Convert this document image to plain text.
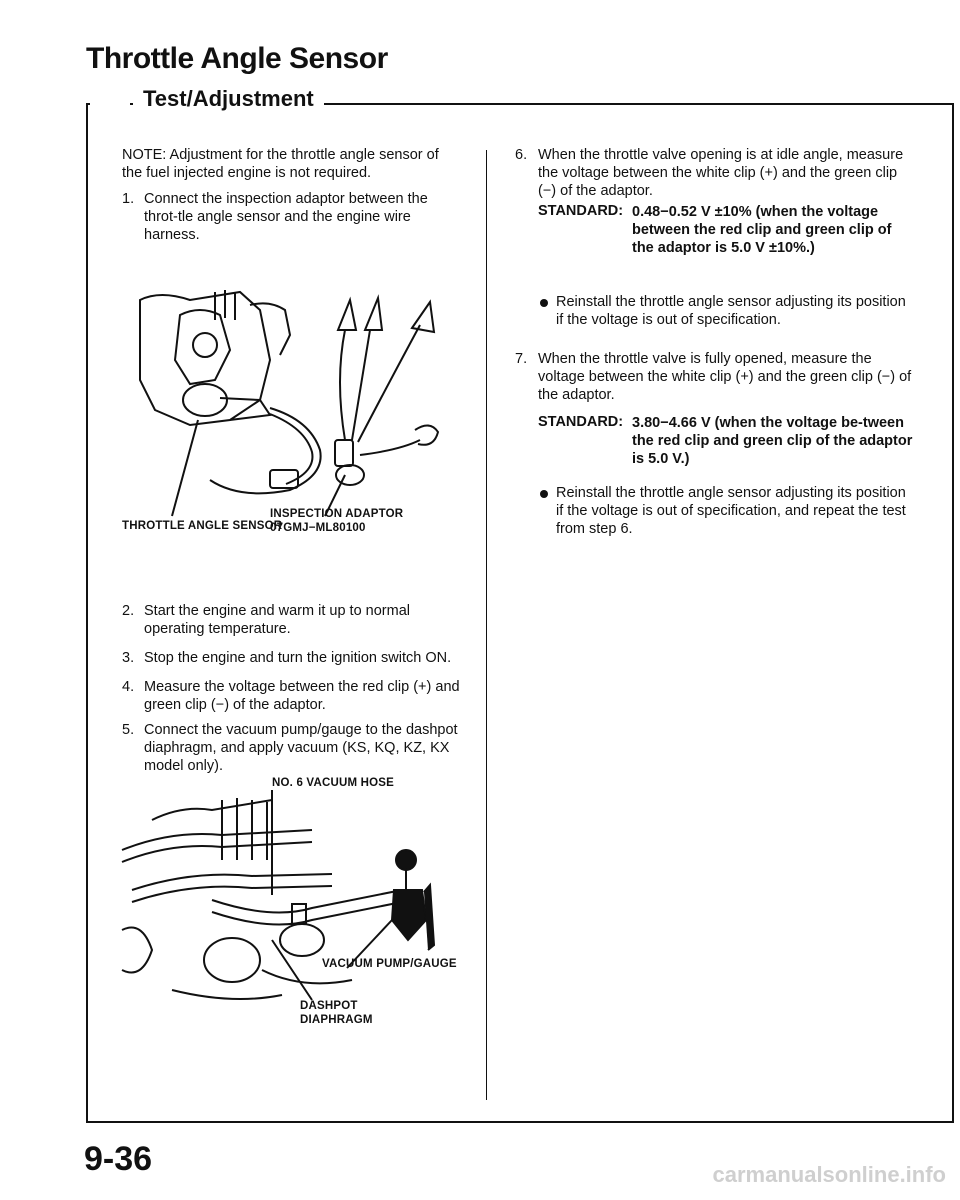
Throttle Angle Sensor
Test/Adjustment
NOTE: Adjustment for the throttle angle sensor of the fuel injected engine is not required.
1. Connect the inspection adaptor between the throt-tle angle sensor and the engine wire harness.
THROTTLE ANGLE SENSOR
INSPECTION ADAPTOR
07GMJ−ML80100
2. Start the engine and warm it up to normal operating temperature.
3. Stop the engine and turn the ignition switch ON.
4. Measure the voltage between the red clip (+) and green clip (−) of the adaptor.
5. Connect the vacuum pump/gauge to the dashpot diaphragm, and apply vacuum (KS, KQ, KZ, KX model only).
NO. 6 VACUUM HOSE
VACUUM PUMP/GAUGE
DASHPOT
DIAPHRAGM
6. When the throttle valve opening is at idle angle, measure the voltage between the white clip (+) and the green clip (−) of the adaptor.
STANDARD: 0.48−0.52 V ±10% (when the voltage between the red clip and green clip of the adaptor is 5.0 V ±10%.)
Reinstall the throttle angle sensor adjusting its position if the voltage is out of specification.
7. When the throttle valve is fully opened, measure the voltage between the white clip (+) and the green clip (−) of the adaptor.
STANDARD: 3.80−4.66 V (when the voltage be-tween the red clip and green clip of the adaptor is 5.0 V.)
Reinstall the throttle angle sensor adjusting its position if the voltage is out of specification, and repeat the test from step 6.
9-36	carmanualsonline.info
